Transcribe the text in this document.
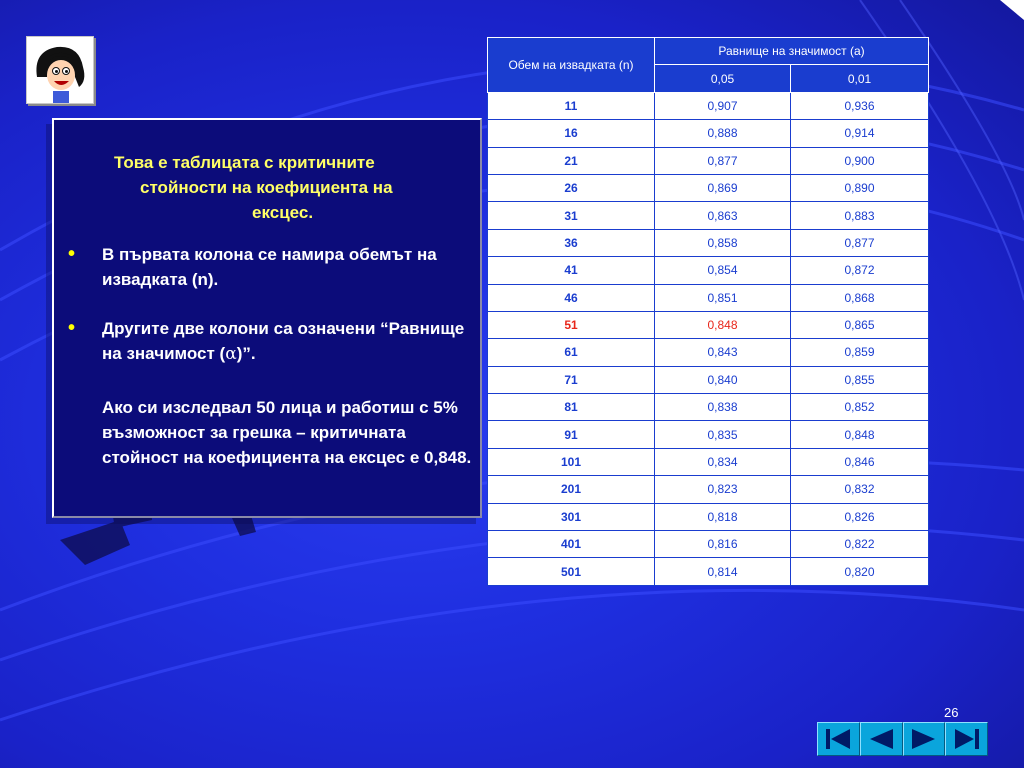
Това е таблицата с критичните
стойности на коефициента на
ексцес.
• В първата колона се намира обемът на извадката (n).
• Другите две колони са означени “Равнище на значимост (α)”.
Ако си изследвал 50 лица и работиш с 5% възможност за грешка – критичната стойност на коефициента на ексцес е 0,848.
Обем на извадката (n)	Равнище на значимост (a)	
	0,05	0,01
11	0,907	0,936
16	0,888	0,914
21	0,877	0,900
26	0,869	0,890
31	0,863	0,883
36	0,858	0,877
41	0,854	0,872
46	0,851	0,868
51	0,848	0,865
61	0,843	0,859
71	0,840	0,855
81	0,838	0,852
91	0,835	0,848
101	0,834	0,846
201	0,823	0,832
301	0,818	0,826
401	0,816	0,822
501	0,814	0,820
26
